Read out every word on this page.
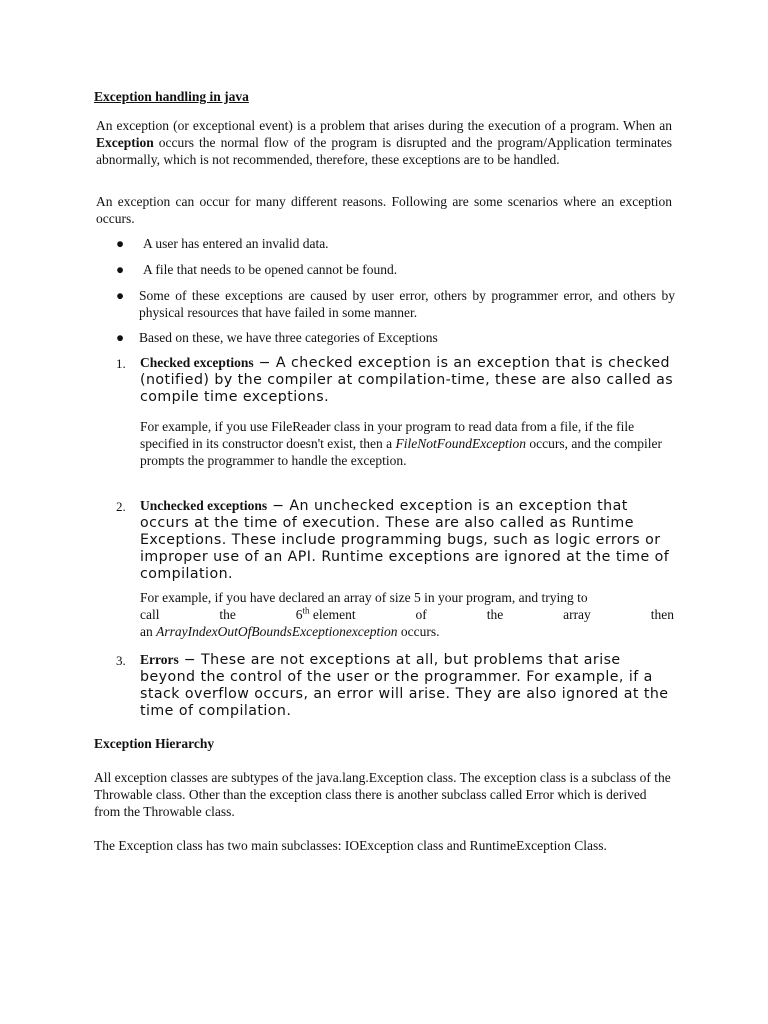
Exception handling in java
An exception (or exceptional event) is a problem that arises during the execution of a program. When an Exception occurs the normal flow of the program is disrupted and the program/Application terminates abnormally, which is not recommended, therefore, these exceptions are to be handled.
An exception can occur for many different reasons. Following are some scenarios where an exception occurs.
● A user has entered an invalid data.
● A file that needs to be opened cannot be found.
● Some of these exceptions are caused by user error, others by programmer error, and others by physical resources that have failed in some manner.
● Based on these, we have three categories of Exceptions
1. Checked exceptions − A checked exception is an exception that is checked (notified) by the compiler at compilation-time, these are also called as compile time exceptions.
For example, if you use FileReader class in your program to read data from a file, if the file specified in its constructor doesn't exist, then a FileNotFoundException occurs, and the compiler prompts the programmer to handle the exception.
2. Unchecked exceptions − An unchecked exception is an exception that occurs at the time of execution. These are also called as Runtime Exceptions. These include programming bugs, such as logic errors or improper use of an API. Runtime exceptions are ignored at the time of compilation.
For example, if you have declared an array of size 5 in your program, and trying to
call	the	6th element	of	the	array	then
an ArrayIndexOutOfBoundsExceptionexception occurs.
3. Errors − These are not exceptions at all, but problems that arise beyond the control of the user or the programmer. For example, if a stack overflow occurs, an error will arise. They are also ignored at the time of compilation.
Exception Hierarchy
All exception classes are subtypes of the java.lang.Exception class. The exception class is a subclass of the Throwable class. Other than the exception class there is another subclass called Error which is derived from the Throwable class.
The Exception class has two main subclasses: IOException class and RuntimeException Class.
